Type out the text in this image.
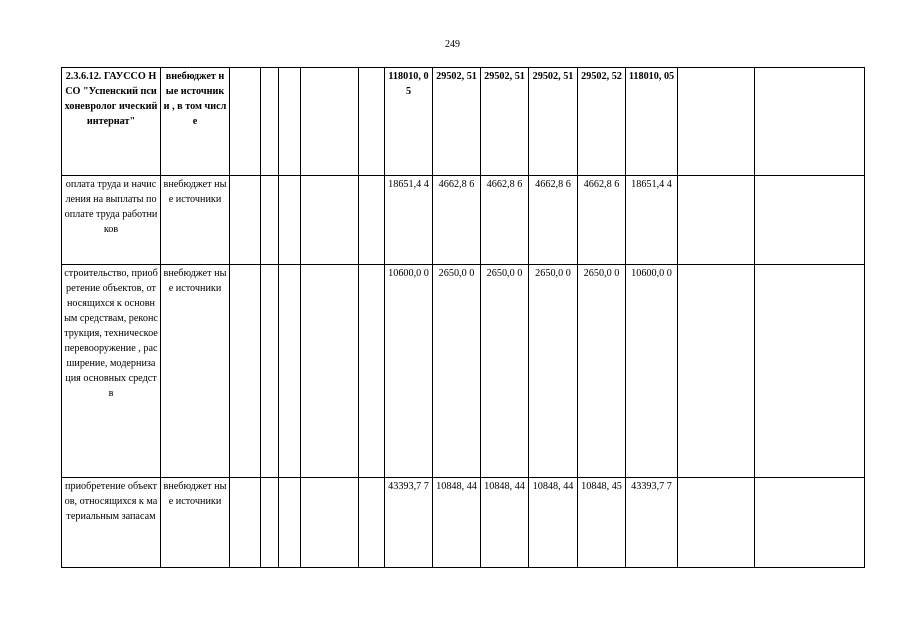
249
2.3.6.12. ГАУССО НСО "Успенский психоневролог ический интернат"	внебюджет ные источники , в том числе						118010, 05	29502, 51	29502, 51	29502, 51	29502, 52	118010, 05		
оплата труда и начисления на выплаты по оплате труда работников	внебюджет ные источники						18651,4 4	4662,8 6	4662,8 6	4662,8 6	4662,8 6	18651,4 4		
строительство, приобретение объектов, относящихся к основным средствам, реконструкция, техническое перевооружение , расширение, модернизация основных средств	внебюджет ные источники						10600,0 0	2650,0 0	2650,0 0	2650,0 0	2650,0 0	10600,0 0		
приобретение объектов, относящихся к материальным запасам	внебюджет ные источники						43393,7 7	10848, 44	10848, 44	10848, 44	10848, 45	43393,7 7		
